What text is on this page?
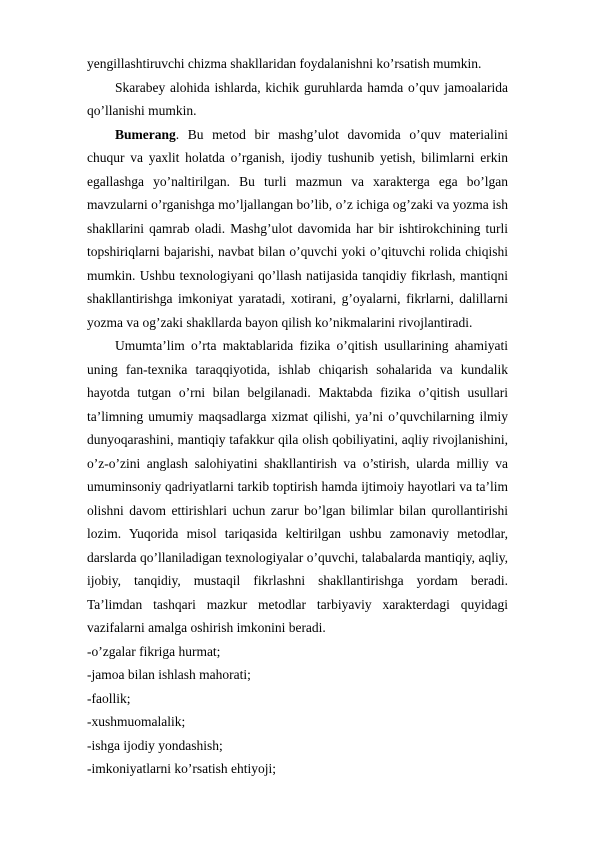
yengillashtiruvchi chizma shakllaridan foydalanishni ko’rsatish mumkin.

Skarabey alohida ishlarda, kichik guruhlarda hamda o’quv jamoalarida qo’llanishi mumkin.

Bumerang. Bu metod bir mashg’ulot davomida o’quv materialini chuqur va yaxlit holatda o’rganish, ijodiy tushunib yetish, bilimlarni erkin egallashga yo’naltirilgan. Bu turli mazmun va xarakterga ega bo’lgan mavzularni o’rganishga mo’ljallangan bo’lib, o’z ichiga og’zaki va yozma ish shakllarini qamrab oladi. Mashg’ulot davomida har bir ishtirokchining turli topshiriqlarni bajarishi, navbat bilan o’quvchi yoki o’qituvchi rolida chiqishi mumkin. Ushbu texnologiyani qo’llash natijasida tanqidiy fikrlash, mantiqni shakllantirishga imkoniyat yaratadi, xotirani, g’oyalarni, fikrlarni, dalillarni yozma va og’zaki shakllarda bayon qilish ko’nikmalarini rivojlantiradi.

Umumta’lim o’rta maktablarida fizika o’qitish usullarining ahamiyati uning fan-texnika taraqqiyotida, ishlab chiqarish sohalarida va kundalik hayotda tutgan o’rni bilan belgilanadi. Maktabda fizika o’qitish usullari ta’limning umumiy maqsadlarga xizmat qilishi, ya’ni o’quvchilarning ilmiy dunyoqarashini, mantiqiy tafakkur qila olish qobiliyatini, aqliy rivojlanishini, o’z-o’zini anglash salohiyatini shakllantirish va o’stirish, ularda milliy va umuminsoniy qadriyatlarni tarkib toptirish hamda ijtimoiy hayotlari va ta’lim olishni davom ettirishlari uchun zarur bo’lgan bilimlar bilan qurollantirishi lozim. Yuqorida misol tariqasida keltirilgan ushbu zamonaviy metodlar, darslarda qo’llaniladigan texnologiyalar o’quvchi, talabalarda mantiqiy, aqliy, ijobiy, tanqidiy, mustaqil fikrlashni shakllantirishga yordam beradi. Ta’limdan tashqari mazkur metodlar tarbiyaviy xarakterdagi quyidagi vazifalarni amalga oshirish imkonini beradi.

-o’zgalar fikriga hurmat;

-jamoa bilan ishlash mahorati;

-faollik;

-xushmuomalalik;

-ishga ijodiy yondashish;

-imkoniyatlarni ko’rsatish ehtiyoji;
